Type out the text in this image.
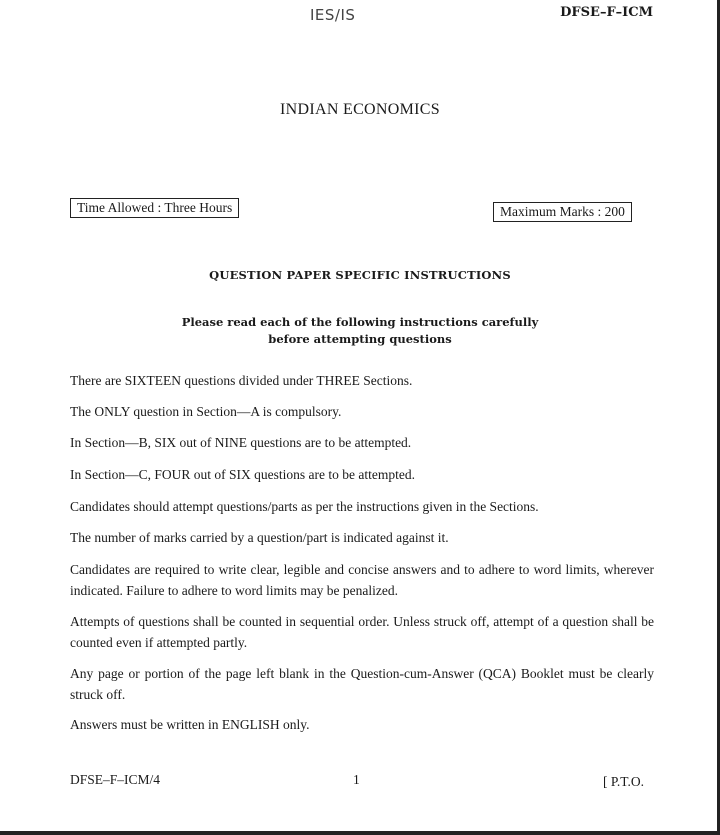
IES/IS	DFSE–F–ICM
INDIAN ECONOMICS
Time Allowed : Three Hours	Maximum Marks : 200
QUESTION PAPER SPECIFIC INSTRUCTIONS
Please read each of the following instructions carefully
before attempting questions
There are SIXTEEN questions divided under THREE Sections.
The ONLY question in Section—A is compulsory.
In Section—B, SIX out of NINE questions are to be attempted.
In Section—C, FOUR out of SIX questions are to be attempted.
Candidates should attempt questions/parts as per the instructions given in the Sections.
The number of marks carried by a question/part is indicated against it.
Candidates are required to write clear, legible and concise answers and to adhere to word limits, wherever indicated. Failure to adhere to word limits may be penalized.
Attempts of questions shall be counted in sequential order. Unless struck off, attempt of a question shall be counted even if attempted partly.
Any page or portion of the page left blank in the Question-cum-Answer (QCA) Booklet must be clearly struck off.
Answers must be written in ENGLISH only.
DFSE–F–ICM/4	1	[ P.T.O.
